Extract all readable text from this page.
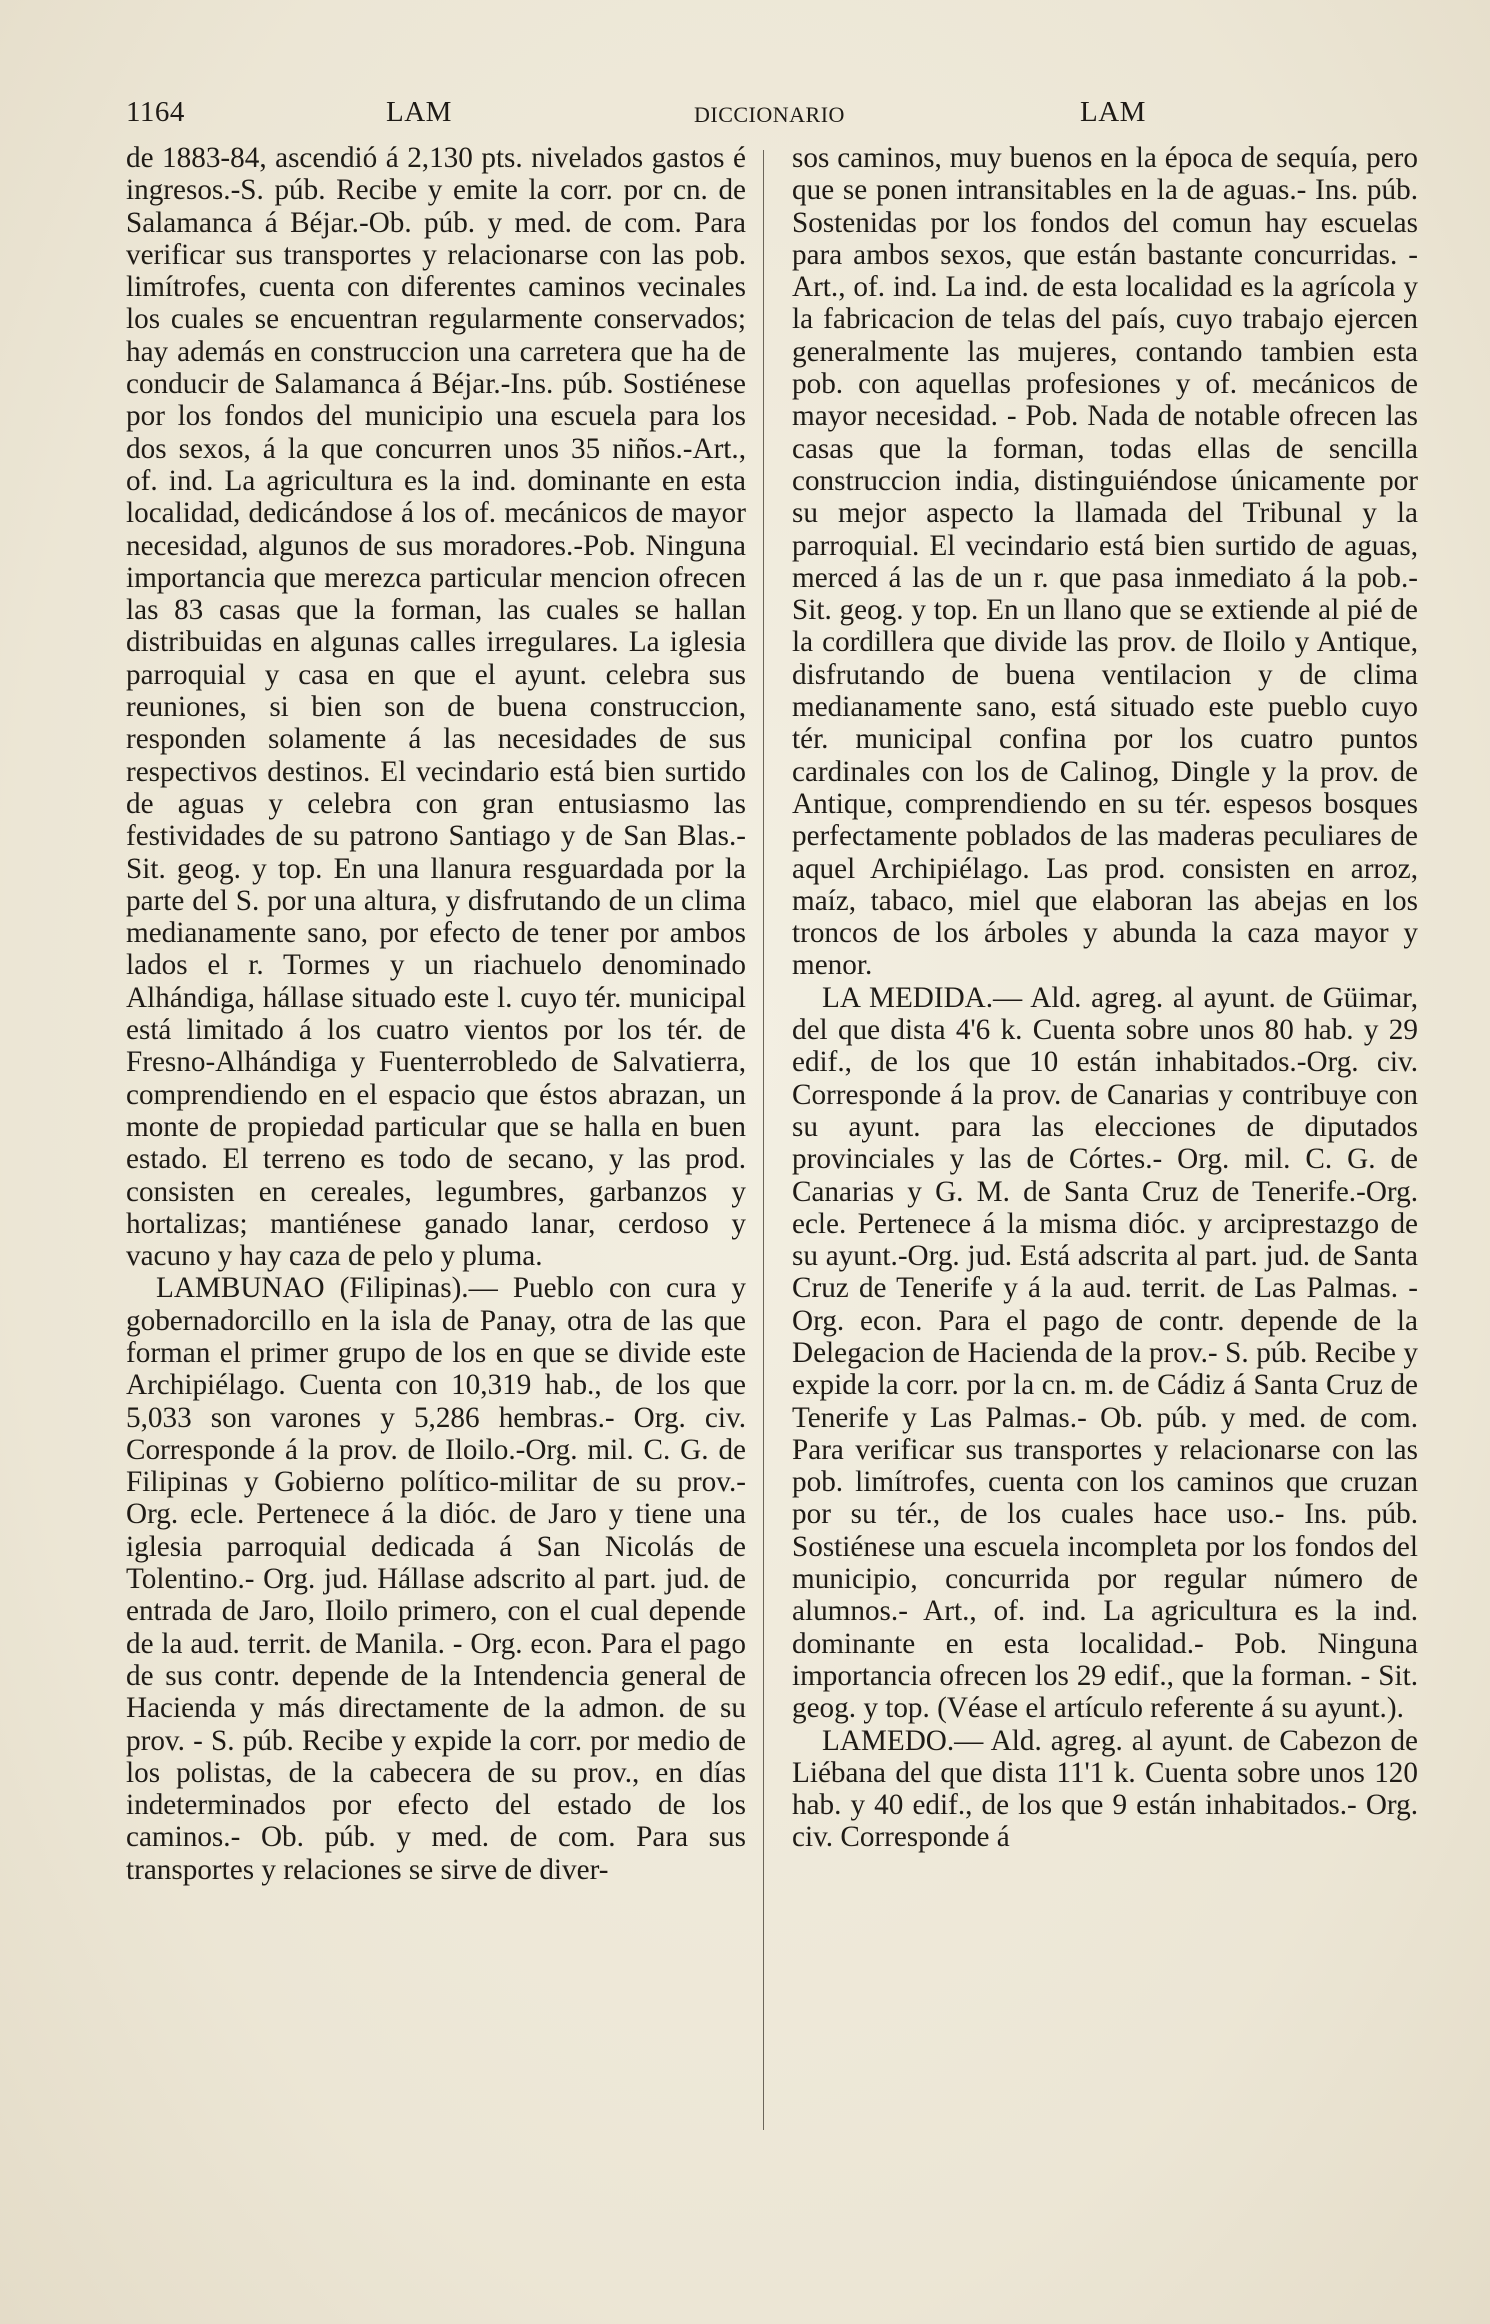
1164	LAM	DICCIONARIO	LAM

de 1883-84, ascendió á 2,130 pts. nivelados gastos é ingresos.-S. púb. Recibe y emite la corr. por cn. de Salamanca á Béjar.-Ob. púb. y med. de com. Para verificar sus transportes y relacionarse con las pob. limítrofes, cuenta con diferentes caminos vecinales los cuales se encuentran regularmente conservados; hay además en construccion una carretera que ha de conducir de Salamanca á Béjar.-Ins. púb. Sostiénese por los fondos del municipio una escuela para los dos sexos, á la que concurren unos 35 niños.-Art., of. ind. La agricultura es la ind. dominante en esta localidad, dedicándose á los of. mecánicos de mayor necesidad, algunos de sus moradores.-Pob. Ninguna importancia que merezca particular mencion ofrecen las 83 casas que la forman, las cuales se hallan distribuidas en algunas calles irregulares. La iglesia parroquial y casa en que el ayunt. celebra sus reuniones, si bien son de buena construccion, responden solamente á las necesidades de sus respectivos destinos. El vecindario está bien surtido de aguas y celebra con gran entusiasmo las festividades de su patrono Santiago y de San Blas.-Sit. geog. y top. En una llanura resguardada por la parte del S. por una altura, y disfrutando de un clima medianamente sano, por efecto de tener por ambos lados el r. Tormes y un riachuelo denominado Alhándiga, hállase situado este l. cuyo tér. municipal está limitado á los cuatro vientos por los tér. de Fresno-Alhándiga y Fuenterrobledo de Salvatierra, comprendiendo en el espacio que éstos abrazan, un monte de propiedad particular que se halla en buen estado. El terreno es todo de secano, y las prod. consisten en cereales, legumbres, garbanzos y hortalizas; mantiénese ganado lanar, cerdoso y vacuno y hay caza de pelo y pluma.

LAMBUNAO (Filipinas).— Pueblo con cura y gobernadorcillo en la isla de Panay, otra de las que forman el primer grupo de los en que se divide este Archipiélago. Cuenta con 10,319 hab., de los que 5,033 son varones y 5,286 hembras.- Org. civ. Corresponde á la prov. de Iloilo.-Org. mil. C. G. de Filipinas y Gobierno político-militar de su prov.-Org. ecle. Pertenece á la dióc. de Jaro y tiene una iglesia parroquial dedicada á San Nicolás de Tolentino.- Org. jud. Hállase adscrito al part. jud. de entrada de Jaro, Iloilo primero, con el cual depende de la aud. territ. de Manila. - Org. econ. Para el pago de sus contr. depende de la Intendencia general de Hacienda y más directamente de la admon. de su prov. - S. púb. Recibe y expide la corr. por medio de los polistas, de la cabecera de su prov., en días indeterminados por efecto del estado de los caminos.- Ob. púb. y med. de com. Para sus transportes y relaciones se sirve de diver-

sos caminos, muy buenos en la época de sequía, pero que se ponen intransitables en la de aguas.- Ins. púb. Sostenidas por los fondos del comun hay escuelas para ambos sexos, que están bastante concurridas. - Art., of. ind. La ind. de esta localidad es la agrícola y la fabricacion de telas del país, cuyo trabajo ejercen generalmente las mujeres, contando tambien esta pob. con aquellas profesiones y of. mecánicos de mayor necesidad. - Pob. Nada de notable ofrecen las casas que la forman, todas ellas de sencilla construccion india, distinguiéndose únicamente por su mejor aspecto la llamada del Tribunal y la parroquial. El vecindario está bien surtido de aguas, merced á las de un r. que pasa inmediato á la pob.- Sit. geog. y top. En un llano que se extiende al pié de la cordillera que divide las prov. de Iloilo y Antique, disfrutando de buena ventilacion y de clima medianamente sano, está situado este pueblo cuyo tér. municipal confina por los cuatro puntos cardinales con los de Calinog, Dingle y la prov. de Antique, comprendiendo en su tér. espesos bosques perfectamente poblados de las maderas peculiares de aquel Archipiélago. Las prod. consisten en arroz, maíz, tabaco, miel que elaboran las abejas en los troncos de los árboles y abunda la caza mayor y menor.

LA MEDIDA.— Ald. agreg. al ayunt. de Güimar, del que dista 4'6 k. Cuenta sobre unos 80 hab. y 29 edif., de los que 10 están inhabitados.-Org. civ. Corresponde á la prov. de Canarias y contribuye con su ayunt. para las elecciones de diputados provinciales y las de Córtes.- Org. mil. C. G. de Canarias y G. M. de Santa Cruz de Tenerife.-Org. ecle. Pertenece á la misma dióc. y arciprestazgo de su ayunt.-Org. jud. Está adscrita al part. jud. de Santa Cruz de Tenerife y á la aud. territ. de Las Palmas. - Org. econ. Para el pago de contr. depende de la Delegacion de Hacienda de la prov.- S. púb. Recibe y expide la corr. por la cn. m. de Cádiz á Santa Cruz de Tenerife y Las Palmas.- Ob. púb. y med. de com. Para verificar sus transportes y relacionarse con las pob. limítrofes, cuenta con los caminos que cruzan por su tér., de los cuales hace uso.- Ins. púb. Sostiénese una escuela incompleta por los fondos del municipio, concurrida por regular número de alumnos.- Art., of. ind. La agricultura es la ind. dominante en esta localidad.- Pob. Ninguna importancia ofrecen los 29 edif., que la forman. - Sit. geog. y top. (Véase el artículo referente á su ayunt.).

LAMEDO.— Ald. agreg. al ayunt. de Cabezon de Liébana del que dista 11'1 k. Cuenta sobre unos 120 hab. y 40 edif., de los que 9 están inhabitados.- Org. civ. Corresponde á
